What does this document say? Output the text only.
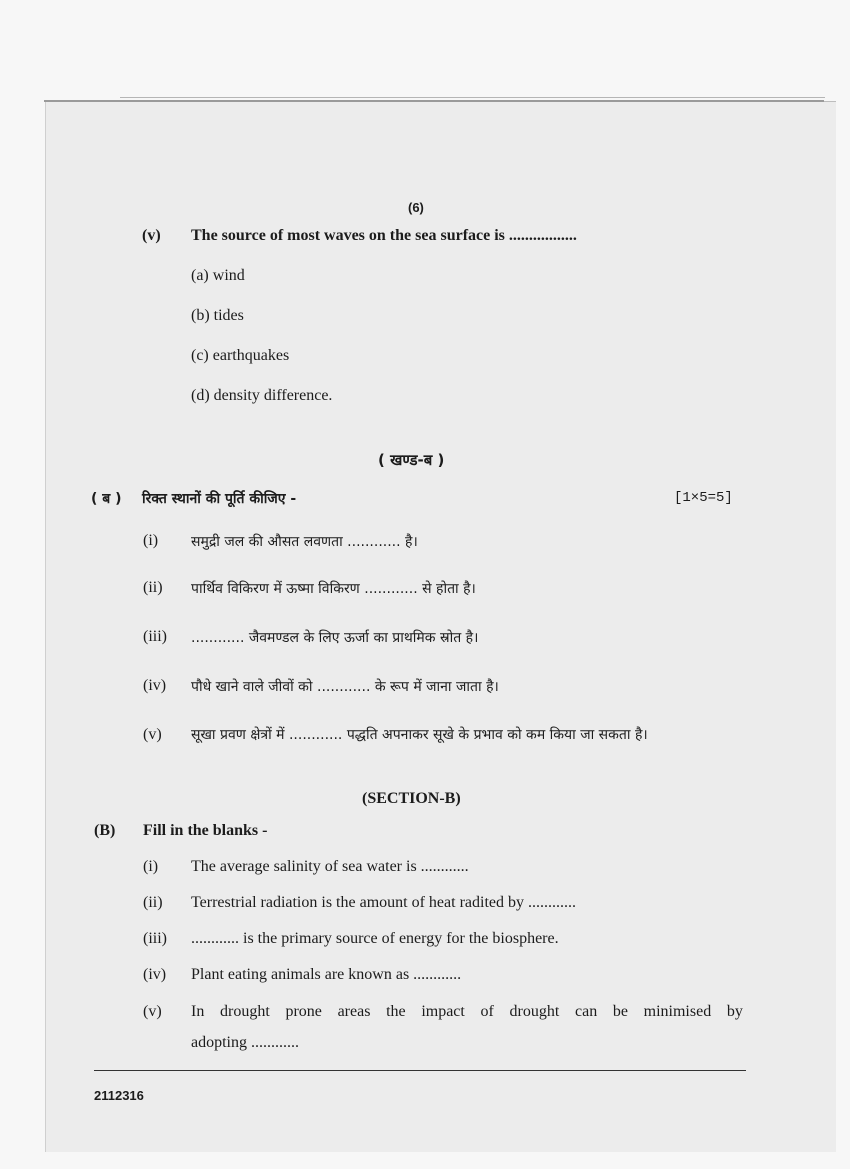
(6)
(v) The source of most waves on the sea surface is .................
(a) wind
(b) tides
(c) earthquakes
(d) density difference.
( खण्ड-ब )
( ब ) रिक्त स्थानों की पूर्ति कीजिए -	[1×5=5]
(i) समुद्री जल की औसत लवणता ............ है।
(ii) पार्थिव विकिरण में ऊष्मा विकिरण ............ से होता है।
(iii) ............ जैवमण्डल के लिए ऊर्जा का प्राथमिक स्रोत है।
(iv) पौधे खाने वाले जीवों को ............ के रूप में जाना जाता है।
(v) सूखा प्रवण क्षेत्रों में ............ पद्धति अपनाकर सूखे के प्रभाव को कम किया जा सकता है।
(SECTION-B)
(B) Fill in the blanks -
(i) The average salinity of sea water is ............
(ii) Terrestrial radiation is the amount of heat radited by ............
(iii) ............ is the primary source of energy for the biosphere.
(iv) Plant eating animals are known as ............
(v) In drought prone areas the impact of drought can be minimised by
adopting ............
2112316
